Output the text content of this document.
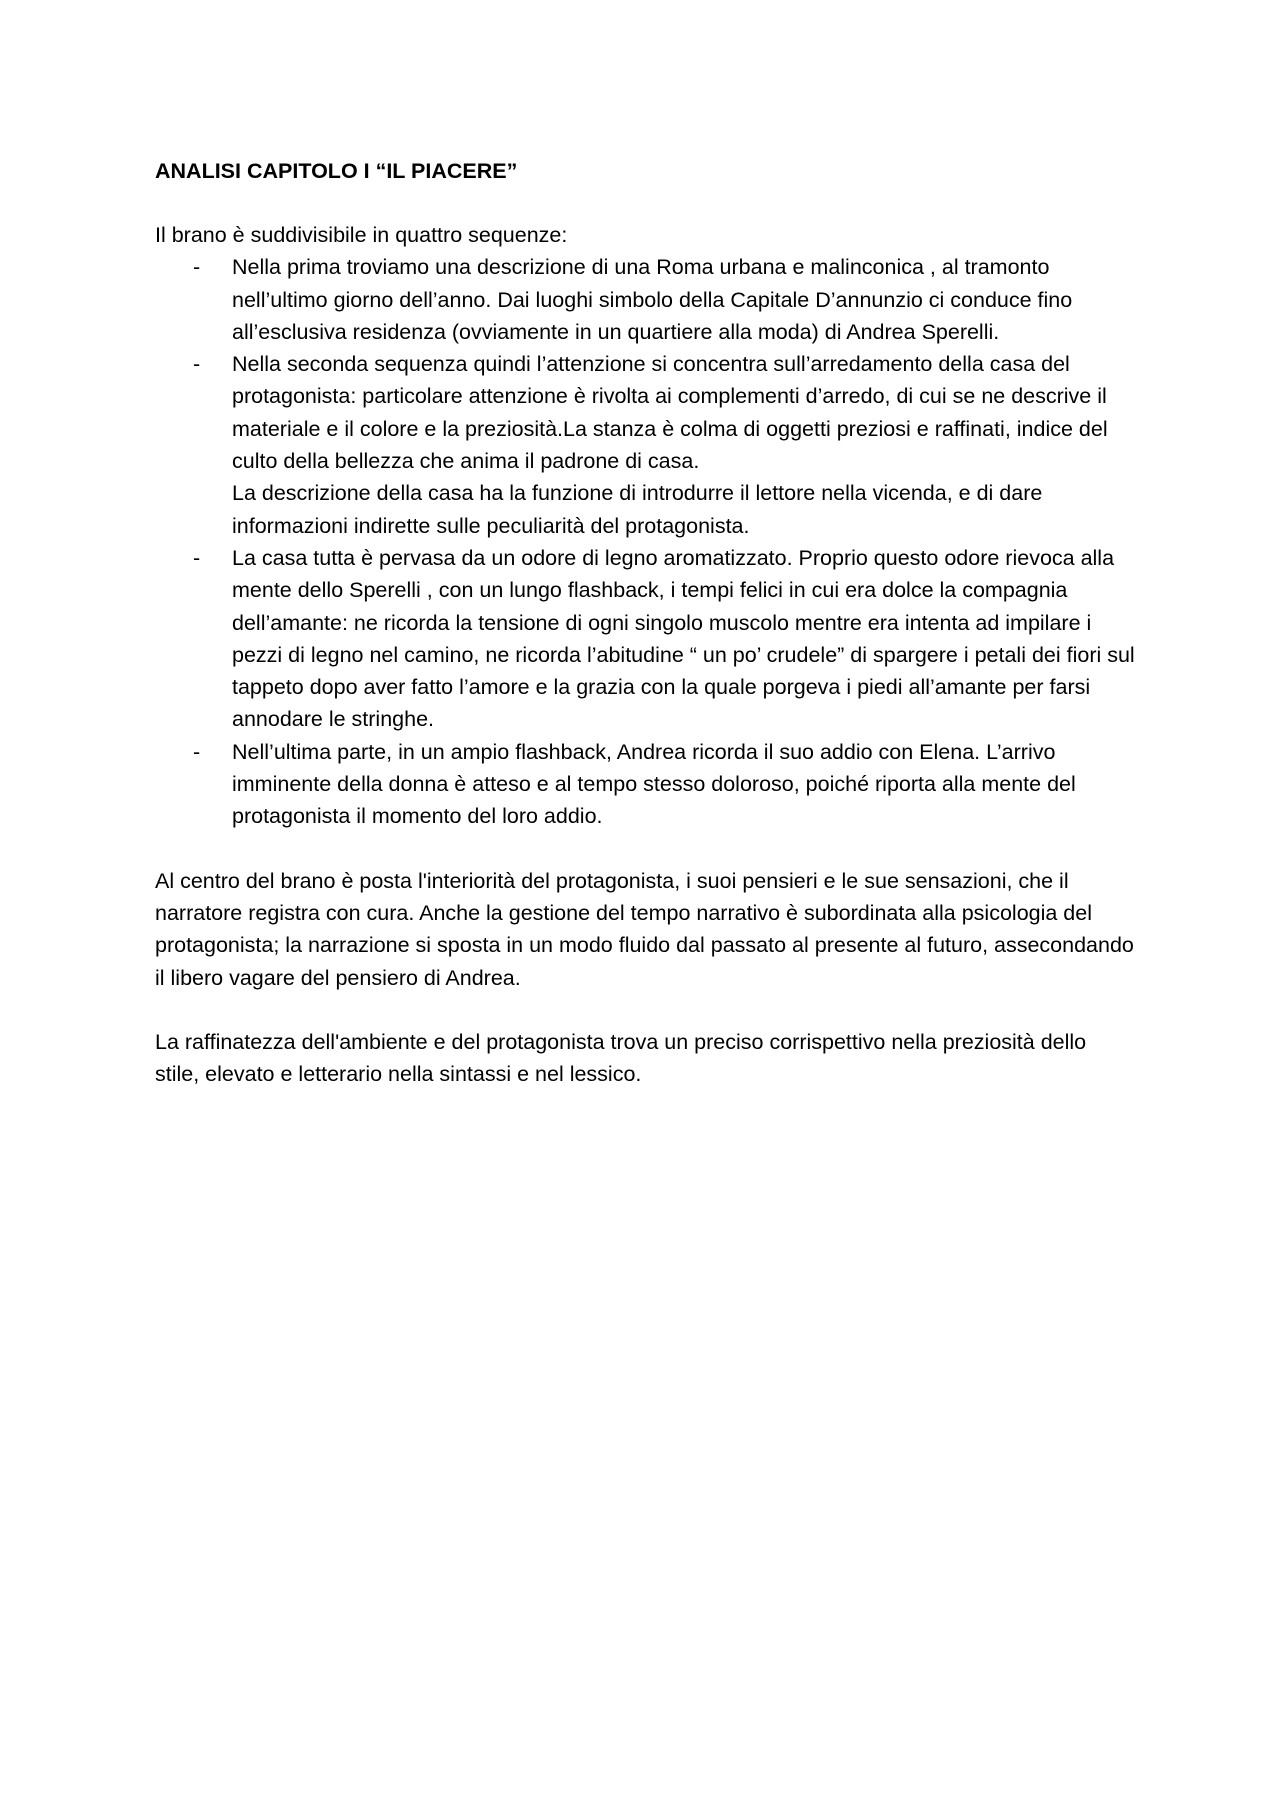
ANALISI CAPITOLO I “IL PIACERE”

Il brano è suddivisibile in quattro sequenze:

- Nella prima troviamo una descrizione di una Roma urbana e malinconica , al tramonto nell’ultimo giorno dell’anno. Dai luoghi simbolo della Capitale D’annunzio ci conduce fino all’esclusiva residenza (ovviamente in un quartiere alla moda) di Andrea Sperelli.
- Nella seconda sequenza quindi l’attenzione si concentra sull’arredamento della casa del protagonista: particolare attenzione è rivolta ai complementi d’arredo, di cui se ne descrive il materiale e il colore e la preziosità.La stanza è colma di oggetti preziosi e raffinati, indice del culto della bellezza che anima il padrone di casa.
La descrizione della casa ha la funzione di introdurre il lettore nella vicenda, e di dare informazioni indirette sulle peculiarità del protagonista.
- La casa tutta è pervasa da un odore di legno aromatizzato. Proprio questo odore rievoca alla mente dello Sperelli , con un lungo flashback, i tempi felici in cui era dolce la compagnia dell’amante: ne ricorda la tensione di ogni singolo muscolo mentre era intenta ad impilare i pezzi di legno nel camino, ne ricorda l’abitudine “ un po’ crudele” di spargere i petali dei fiori sul tappeto dopo aver fatto l’amore e la grazia con la quale porgeva i piedi all’amante per farsi annodare le stringhe.
- Nell’ultima parte, in un ampio flashback, Andrea ricorda il suo addio con Elena. L’arrivo imminente della donna è atteso e al tempo stesso doloroso, poiché riporta alla mente del protagonista il momento del loro addio.

Al centro del brano è posta l'interiorità del protagonista, i suoi pensieri e le sue sensazioni, che il narratore registra con cura. Anche la gestione del tempo narrativo è subordinata alla psicologia del protagonista; la narrazione si sposta in un modo fluido dal passato al presente al futuro, assecondando il libero vagare del pensiero di Andrea.

La raffinatezza dell'ambiente e del protagonista trova un preciso corrispettivo nella preziosità dello stile, elevato e letterario nella sintassi e nel lessico.
